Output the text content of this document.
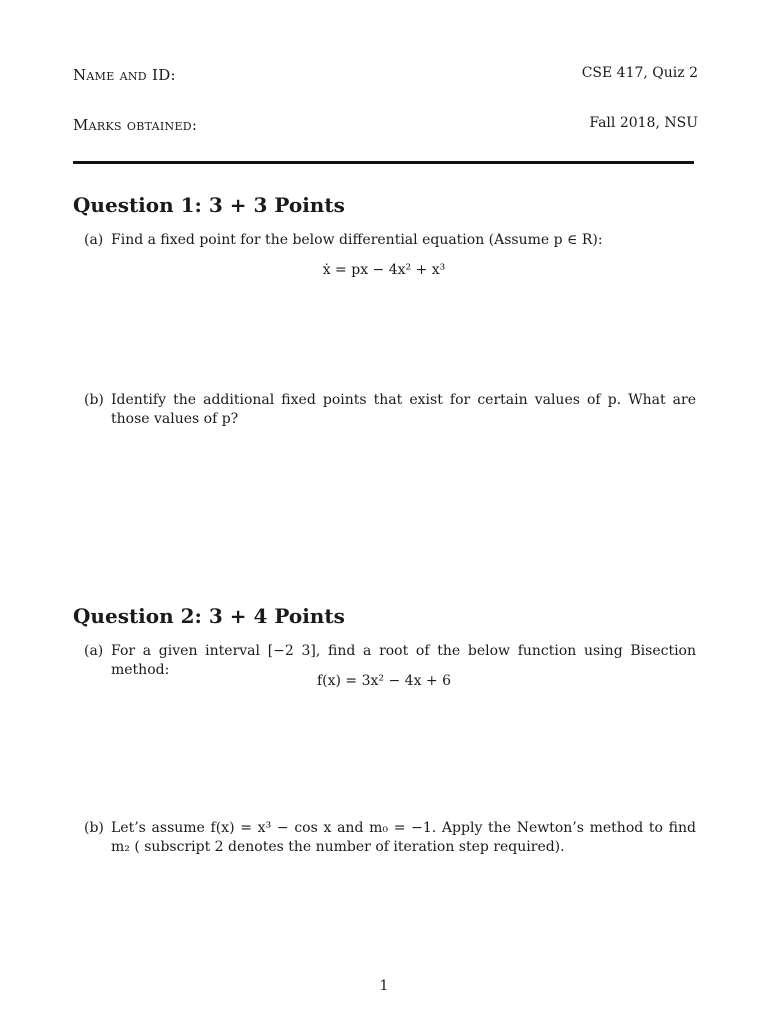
Name and ID:	CSE 417, Quiz 2
Marks obtained:	Fall 2018, NSU
Question 1: 3 + 3 Points
(a) Find a fixed point for the below differential equation (Assume p ∈ R):
ẋ = px − 4x² + x³
(b) Identify the additional fixed points that exist for certain values of p. What are those values of p?
Question 2: 3 + 4 Points
(a) For a given interval [−2 3], find a root of the below function using Bisection method:
f(x) = 3x² − 4x + 6
(b) Let’s assume f(x) = x³ − cos x and m₀ = −1. Apply the Newton’s method to find m₂ ( subscript 2 denotes the number of iteration step required).
1
